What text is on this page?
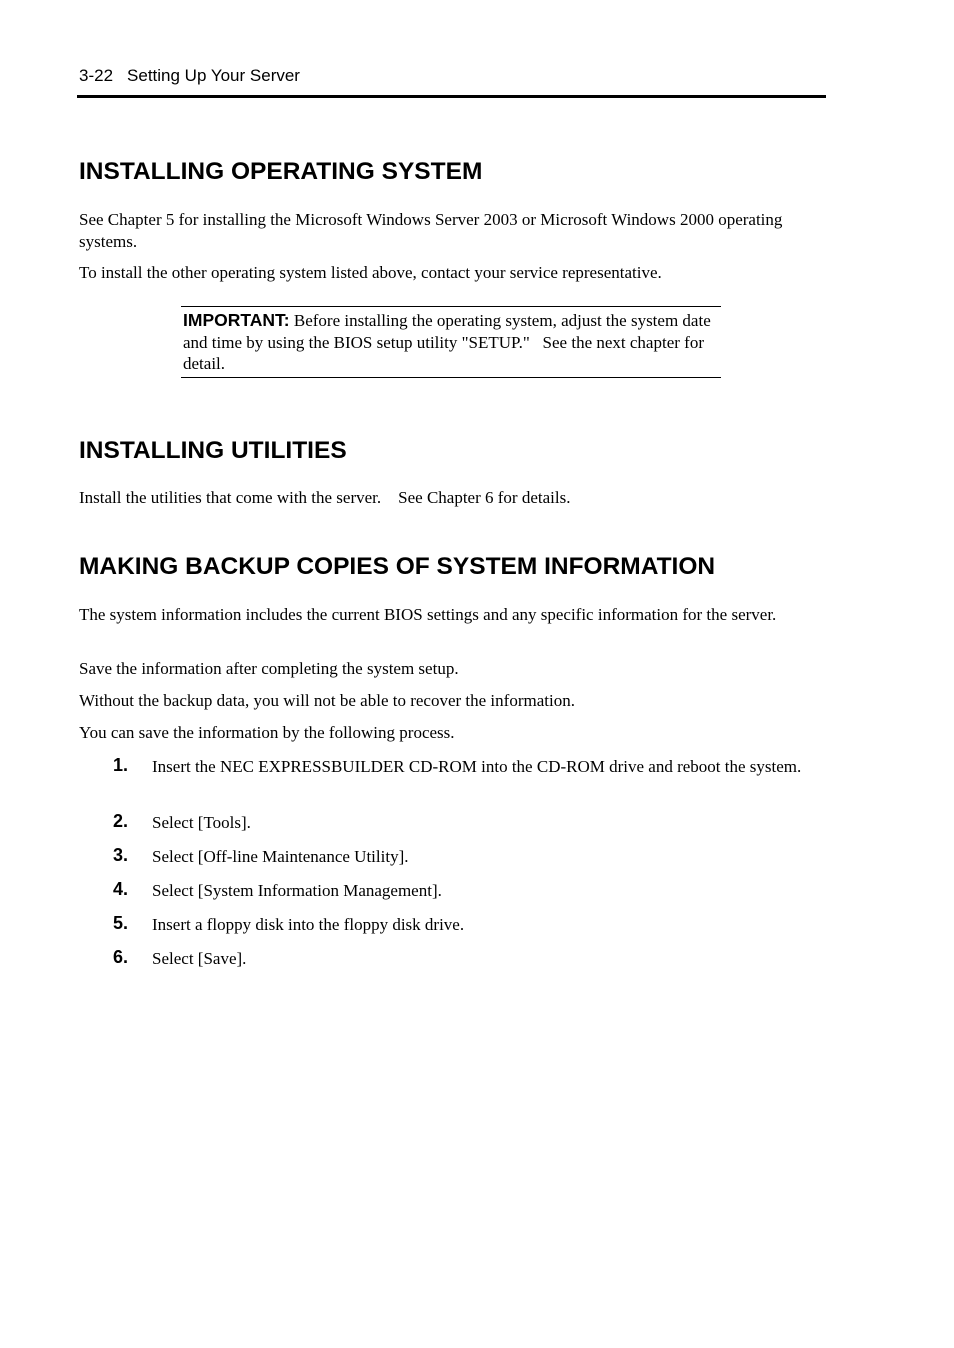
3-22 Setting Up Your Server
INSTALLING OPERATING SYSTEM

See Chapter 5 for installing the Microsoft Windows Server 2003 or Microsoft Windows 2000 operating systems.

To install the other operating system listed above, contact your service representative.

IMPORTANT: Before installing the operating system, adjust the system date and time by using the BIOS setup utility "SETUP."   See the next chapter for detail.

INSTALLING UTILITIES

Install the utilities that come with the server.    See Chapter 6 for details.

MAKING BACKUP COPIES OF SYSTEM INFORMATION

The system information includes the current BIOS settings and any specific information for the server.

Save the information after completing the system setup.

Without the backup data, you will not be able to recover the information.

You can save the information by the following process.

1. Insert the NEC EXPRESSBUILDER CD-ROM into the CD-ROM drive and reboot the system.
2. Select [Tools].
3. Select [Off-line Maintenance Utility].
4. Select [System Information Management].
5. Insert a floppy disk into the floppy disk drive.
6. Select [Save].
